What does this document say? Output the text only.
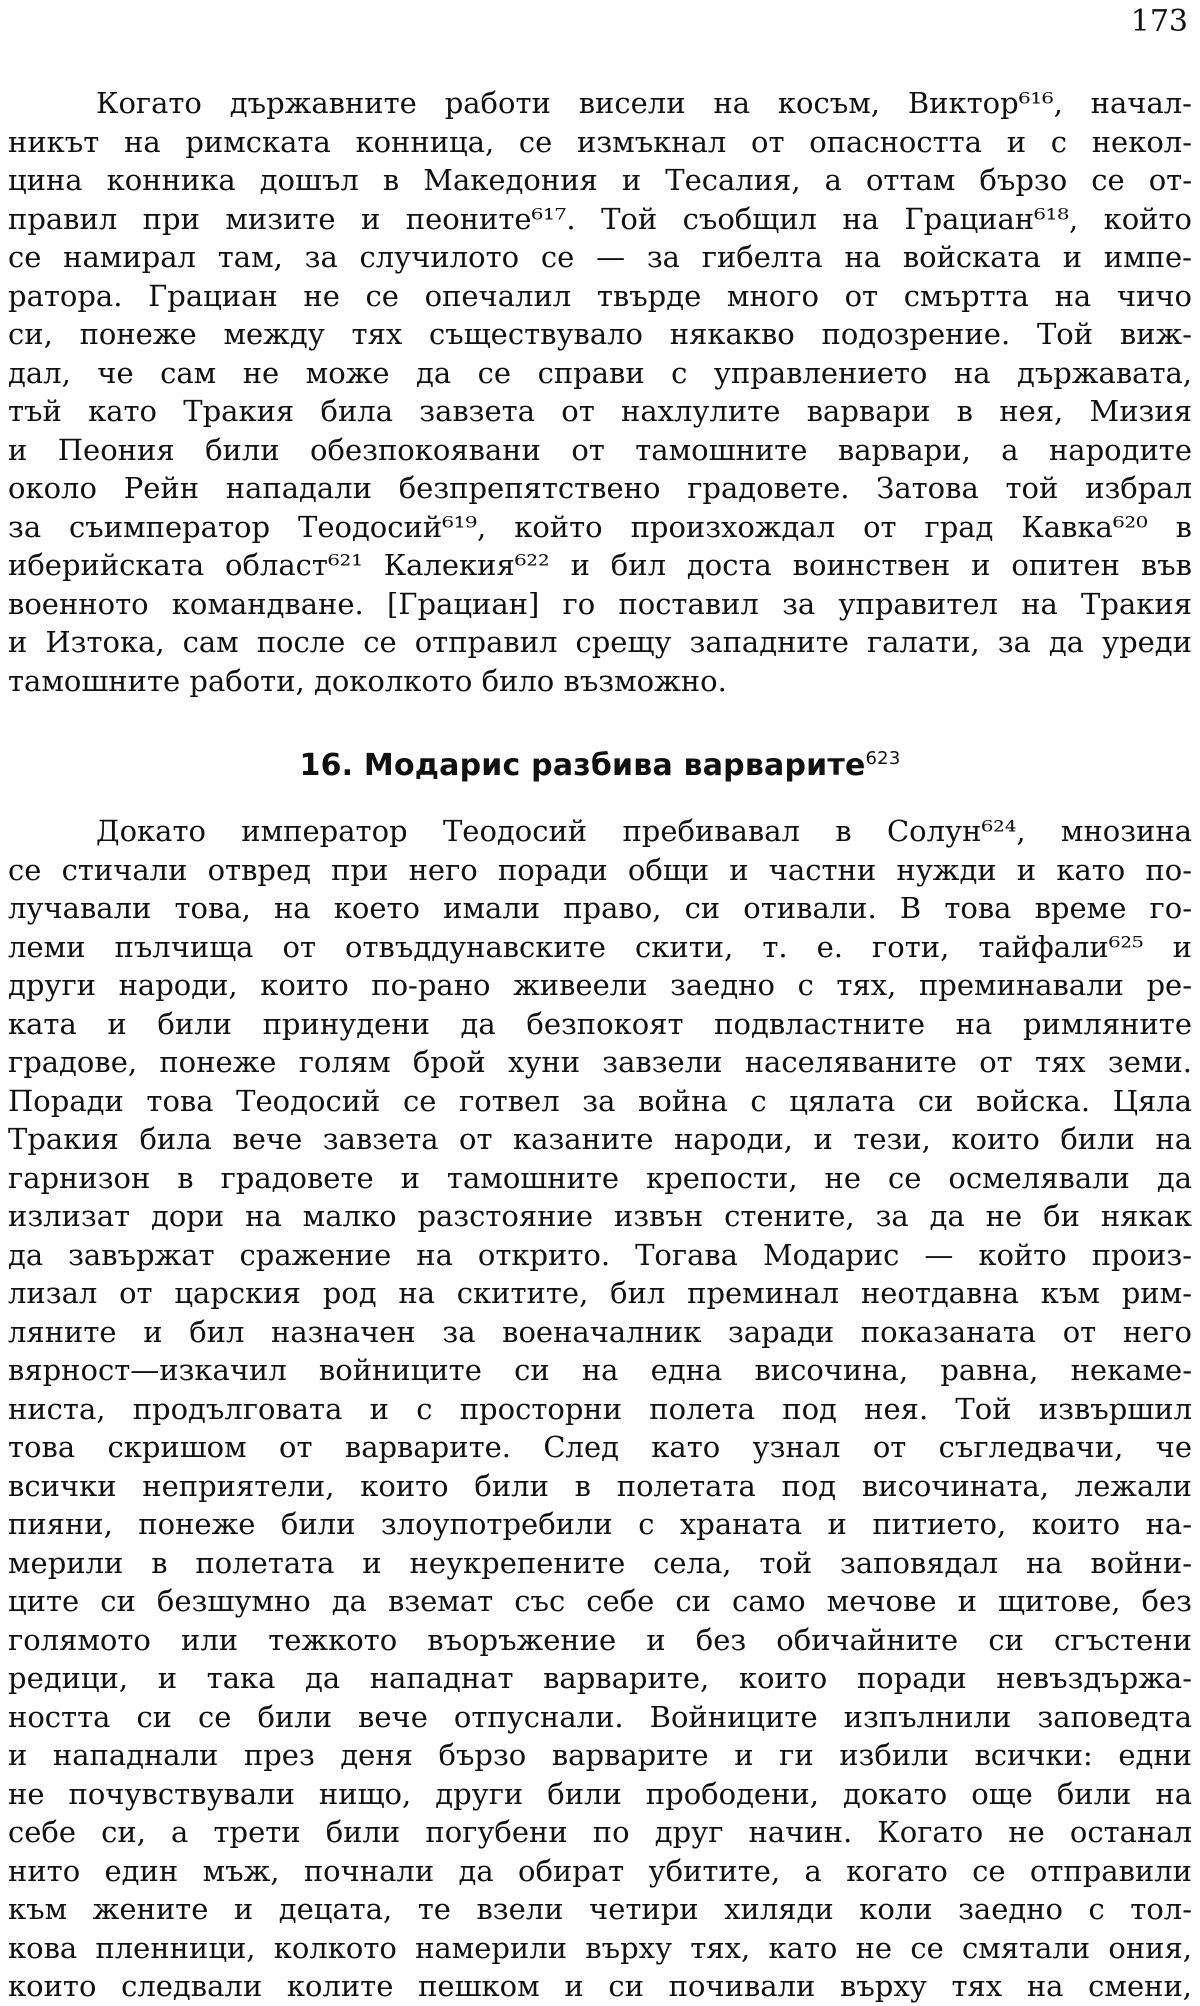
173
Когато държавните работи висели на косъм, Виктор⁶¹⁶, начал-
никът на римската конница, се измъкнал от опасността и с некол-
цина конника дошъл в Македония и Тесалия, а оттам бързо се от-
правил при мизите и пеоните⁶¹⁷. Той съобщил на Грациан⁶¹⁸, който
се намирал там, за случилото се — за гибелта на войската и импе-
ратора. Грациан не се опечалил твърде много от смъртта на чичо
си, понеже между тях съществувало някакво подозрение. Той виж-
дал, че сам не може да се справи с управлението на държавата,
тъй като Тракия била завзета от нахлулите варвари в нея, Мизия
и Пеония били обезпокоявани от тамошните варвари, а народите
около Рейн нападали безпрепятствено градовете. Затова той избрал
за съимператор Теодосий⁶¹⁹, който произхождал от град Кавка⁶²⁰ в
иберийската област⁶²¹ Калекия⁶²² и бил доста воинствен и опитен във
военното командване. [Грациан] го поставил за управител на Тракия
и Изтока, сам после се отправил срещу западните галати, за да уреди
тамошните работи, доколкото било възможно.
16. Модарис разбива варварите$^{623}$
Докато император Теодосий пребивавал в Солун⁶²⁴, мнозина
се стичали отвред при него поради общи и частни нужди и като по-
лучавали това, на което имали право, си отивали. В това време го-
леми пълчища от отвъддунавските скити, т. е. готи, тайфали⁶²⁵ и
други народи, които по-рано живеели заедно с тях, преминавали ре-
ката и били принудени да безпокоят подвластните на римляните
градове, понеже голям брой хуни завзели населяваните от тях земи.
Поради това Теодосий се готвел за война с цялата си войска. Цяла
Тракия била вече завзета от казаните народи, и тези, които били на
гарнизон в градовете и тамошните крепости, не се осмелявали да
излизат дори на малко разстояние извън стените, за да не би някак
да завържат сражение на открито. Тогава Модарис — който произ-
лизал от царския род на скитите, бил преминал неотдавна към рим-
ляните и бил назначен за военачалник заради показаната от него
вярност—изкачил войниците си на една височина, равна, некаме-
ниста, продълговата и с просторни полета под нея. Той извършил
това скришом от варварите. След като узнал от съгледвачи, че
всички неприятели, които били в полетата под височината, лежали
пияни, понеже били злоупотребили с храната и питието, които на-
мерили в полетата и неукрепените села, той заповядал на войни-
ците си безшумно да вземат със себе си само мечове и щитове, без
голямото или тежкото въоръжение и без обичайните си сгъстени
редици, и така да нападнат варварите, които поради невъздържа-
ността си се били вече отпуснали. Войниците изпълнили заповедта
и нападнали през деня бързо варварите и ги избили всички: едни
не почувствували нищо, други били прободени, докато още били на
себе си, а трети били погубени по друг начин. Когато не останал
нито един мъж, почнали да обират убитите, а когато се отправили
към жените и децата, те взели четири хиляди коли заедно с тол-
кова пленници, колкото намерили върху тях, като не се смятали ония,
които следвали колите пешком и си почивали върху тях на смени,
